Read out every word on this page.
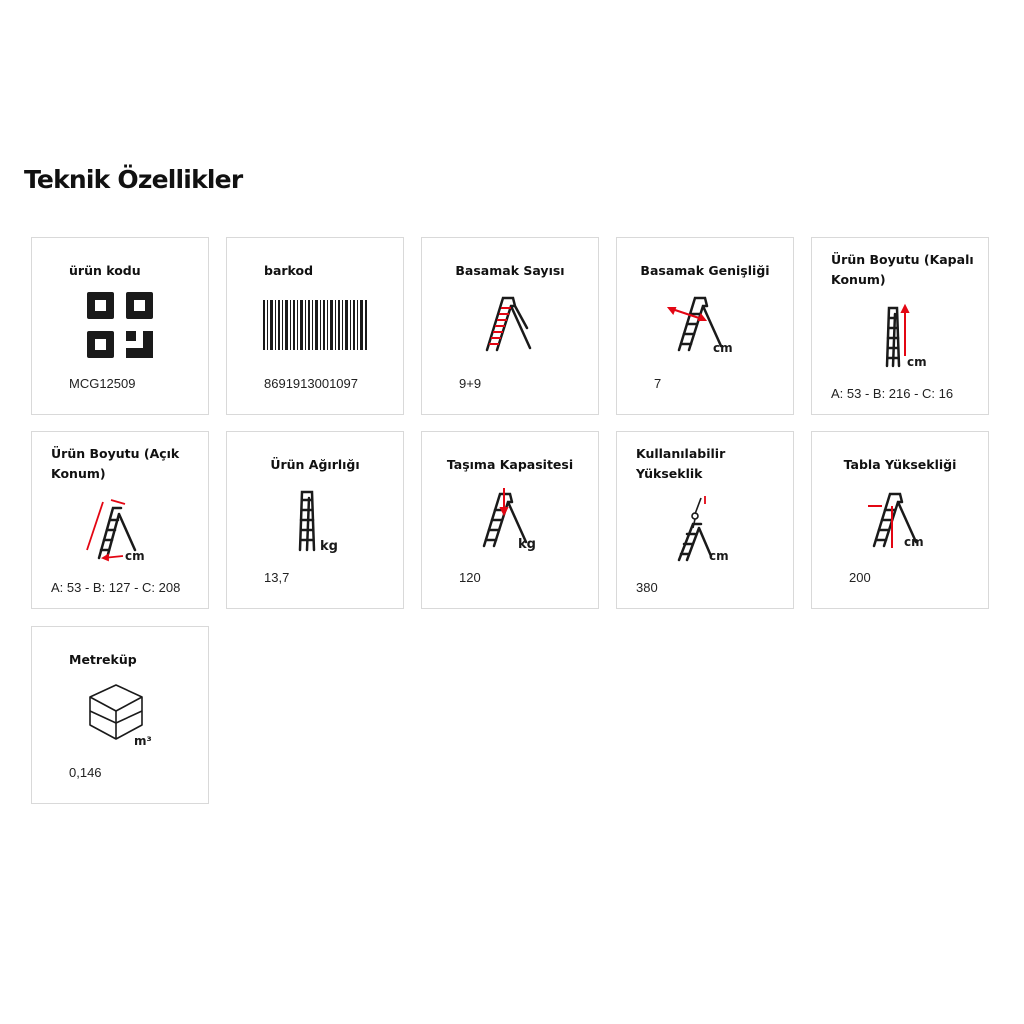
Teknik Özellikler
ürün kodu
MCG12509
barkod
8691913001097
Basamak Sayısı
9+9
Basamak Genişliği
cm
7
Ürün Boyutu (Kapalı Konum)
cm
A: 53 - B: 216 - C: 16
Ürün Boyutu (Açık Konum)
cm
A: 53 - B: 127 - C: 208
Ürün Ağırlığı
kg
13,7
Taşıma Kapasitesi
kg
120
Kullanılabilir Yükseklik
cm
380
Tabla Yüksekliği
cm
200
Metreküp
m³
0,146
